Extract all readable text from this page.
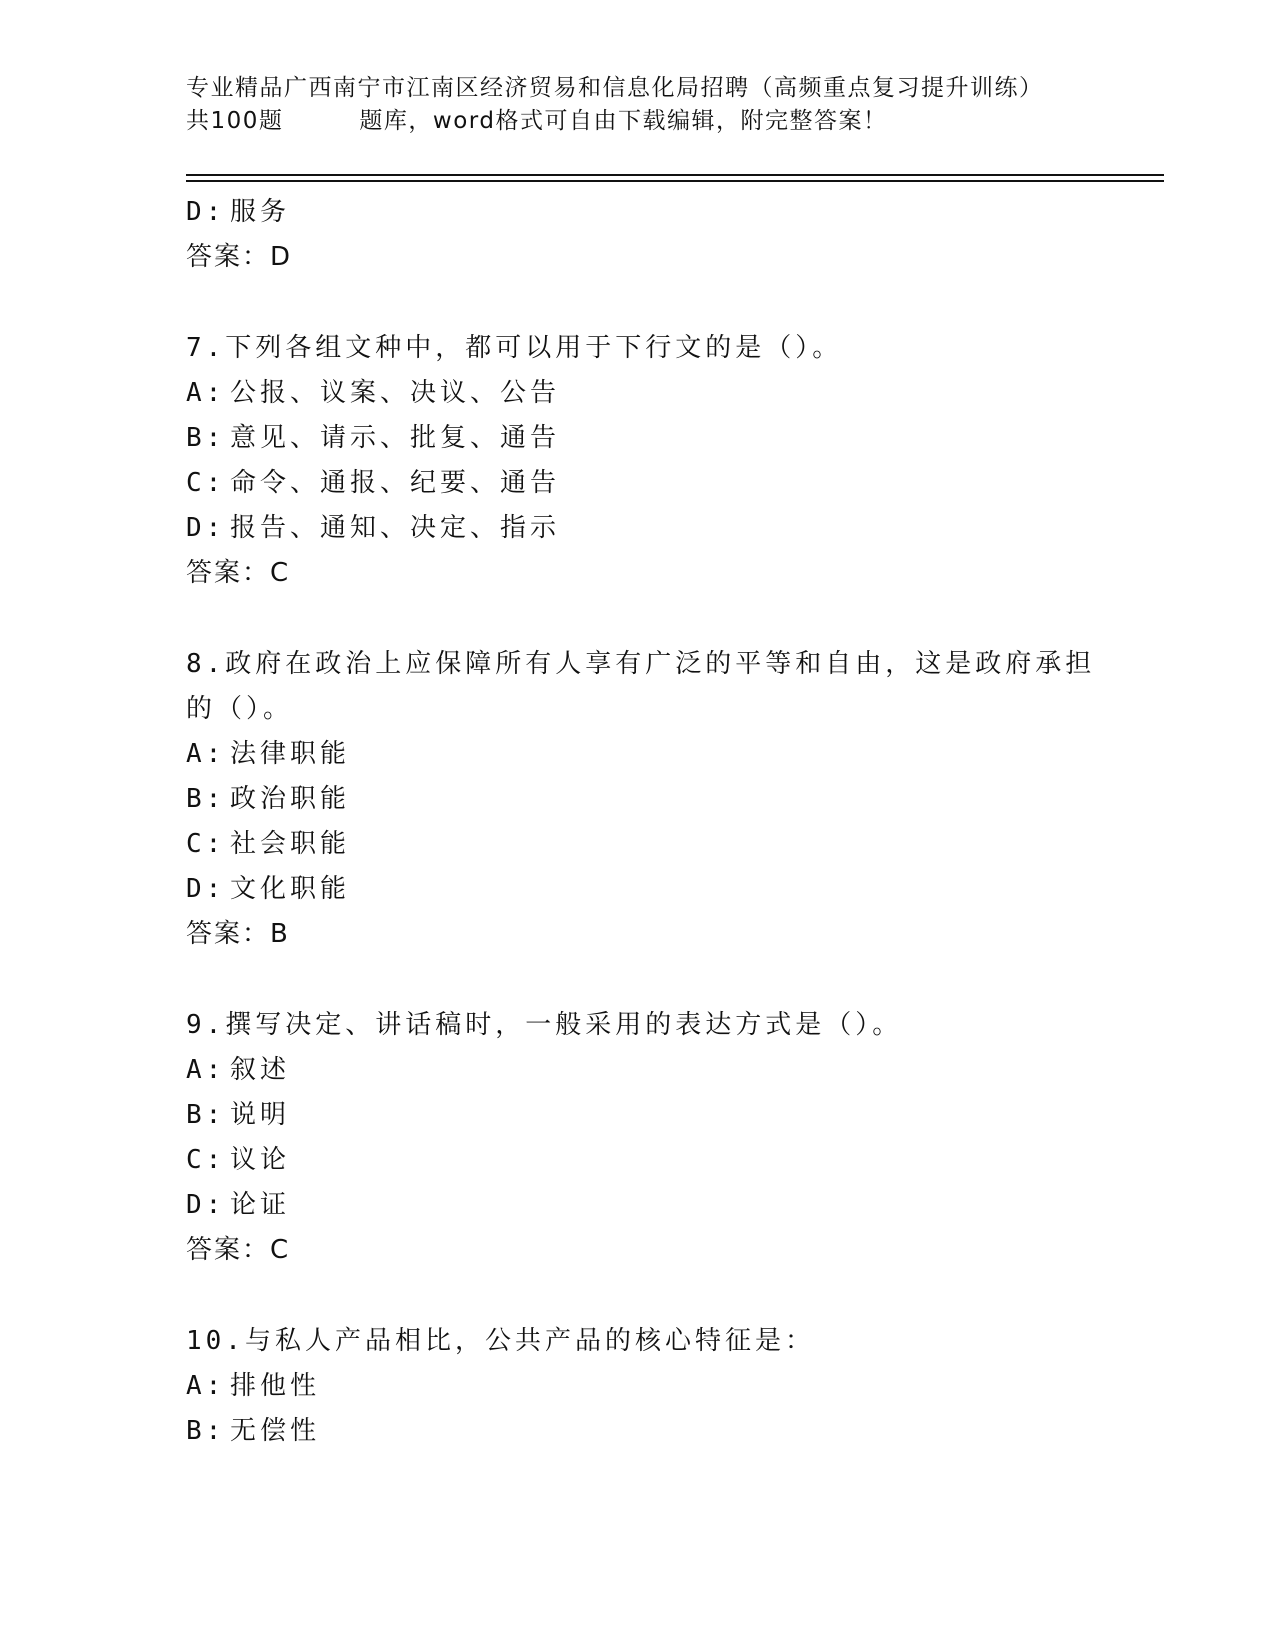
专业精品广西南宁市江南区经济贸易和信息化局招聘（高频重点复习提升训练）
共100题	题库，word格式可自由下载编辑，附完整答案！
D: 服务
答案：D
7.下列各组文种中，都可以用于下行文的是（）。
A: 公报、议案、决议、公告
B: 意见、请示、批复、通告
C: 命令、通报、纪要、通告
D: 报告、通知、决定、指示
答案：C
8.政府在政治上应保障所有人享有广泛的平等和自由，这是政府承担
的（）。
A: 法律职能
B: 政治职能
C: 社会职能
D: 文化职能
答案：B
9.撰写决定、讲话稿时，一般采用的表达方式是（）。
A: 叙述
B: 说明
C: 议论
D: 论证
答案：C
10.与私人产品相比，公共产品的核心特征是：
A: 排他性
B: 无偿性
